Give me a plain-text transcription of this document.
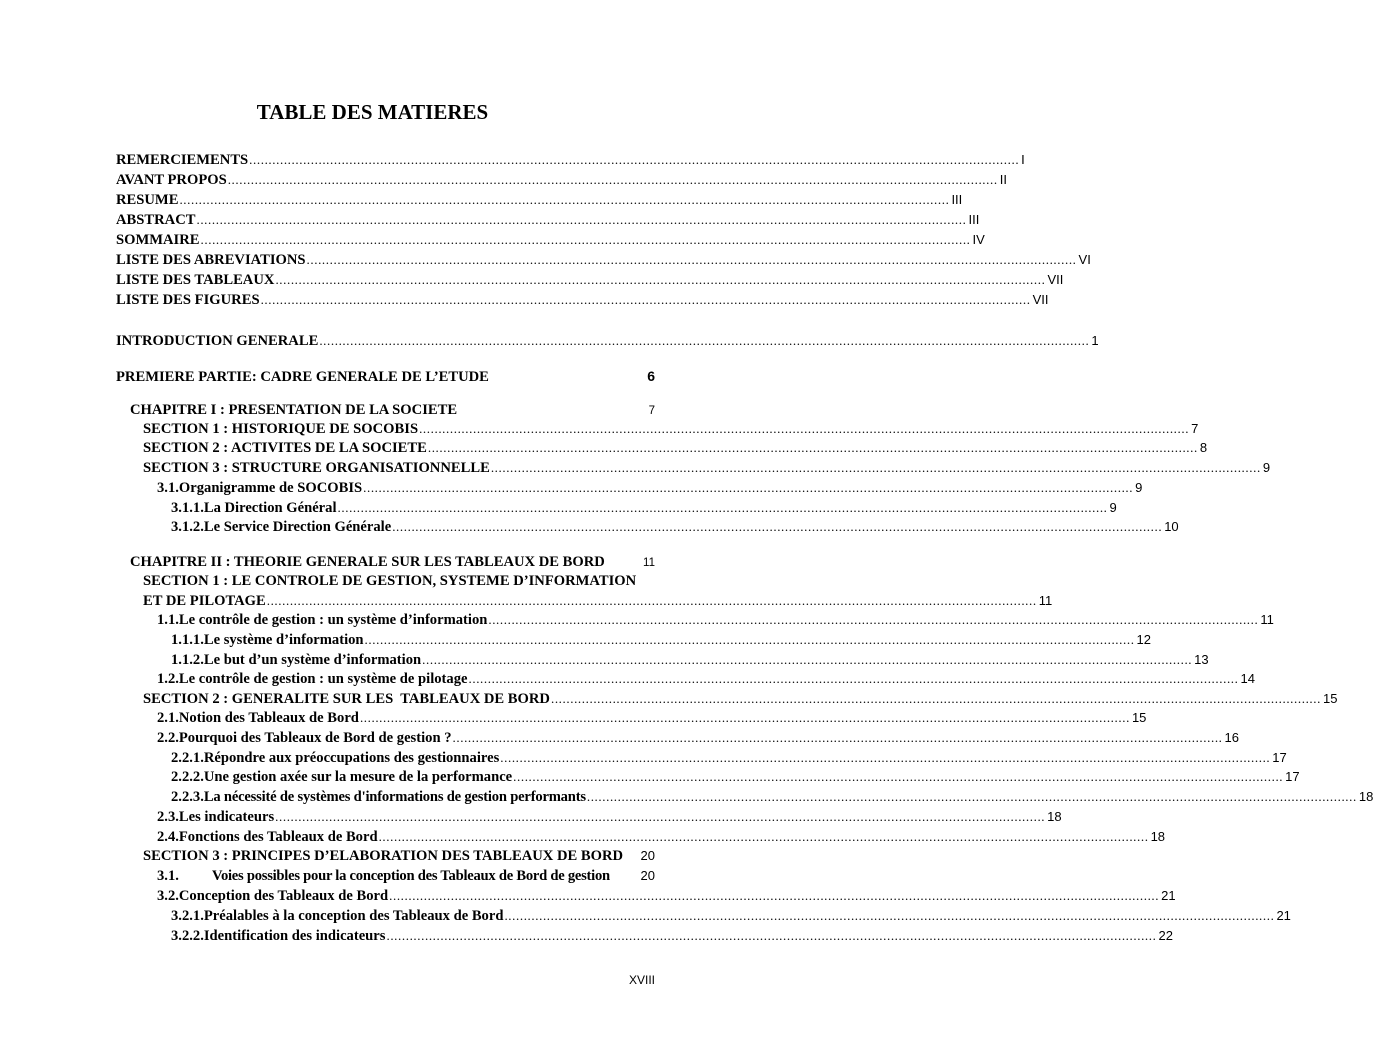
TABLE DES MATIERES
REMERCIEMENTS ........................................................................................................................................................................................................ I
AVANT PROPOS ........................................................................................................................................................................................................ II
RESUME ........................................................................................................................................................................................................ III
ABSTRACT ........................................................................................................................................................................................................ III
SOMMAIRE ........................................................................................................................................................................................................ IV
LISTE DES ABREVIATIONS ........................................................................................................................................................................................................ VI
LISTE DES TABLEAUX ........................................................................................................................................................................................................ VII
LISTE DES FIGURES ........................................................................................................................................................................................................ VII
INTRODUCTION GENERALE ........................................................................................................................................................................................................ 1
PREMIERE PARTIE: CADRE GENERALE DE L’ETUDE	6
CHAPITRE I : PRESENTATION DE LA SOCIETE	7
SECTION 1 : HISTORIQUE DE SOCOBIS ........................................................................................................................................................................................................ 7
SECTION 2 : ACTIVITES DE LA SOCIETE ........................................................................................................................................................................................................ 8
SECTION 3 : STRUCTURE ORGANISATIONNELLE ........................................................................................................................................................................................................ 9
3.1. Organigramme de SOCOBIS ........................................................................................................................................................................................................ 9
3.1.1. La Direction Général ........................................................................................................................................................................................................ 9
3.1.2. Le Service Direction Générale ........................................................................................................................................................................................................ 10
CHAPITRE II : THEORIE GENERALE SUR LES TABLEAUX DE BORD	11
SECTION 1 : LE CONTROLE DE GESTION, SYSTEME D’INFORMATION
ET DE PILOTAGE ........................................................................................................................................................................................................ 11
1.1. Le contrôle de gestion : un système d’information ........................................................................................................................................................................................................ 11
1.1.1. Le système d’information ........................................................................................................................................................................................................ 12
1.1.2. Le but d’un système d’information ........................................................................................................................................................................................................ 13
1.2. Le contrôle de gestion : un système de pilotage ........................................................................................................................................................................................................ 14
SECTION 2 : GENERALITE SUR LES  TABLEAUX DE BORD ........................................................................................................................................................................................................ 15
2.1. Notion des Tableaux de Bord ........................................................................................................................................................................................................ 15
2.2. Pourquoi des Tableaux de Bord de gestion ? ........................................................................................................................................................................................................ 16
2.2.1. Répondre aux préoccupations des gestionnaires ........................................................................................................................................................................................................ 17
2.2.2. Une gestion axée sur la mesure de la performance ........................................................................................................................................................................................................ 17
2.2.3. La nécessité de systèmes d'informations de gestion performants ........................................................................................................................................................................................................ 18
2.3. Les indicateurs ........................................................................................................................................................................................................ 18
2.4. Fonctions des Tableaux de Bord ........................................................................................................................................................................................................ 18
SECTION 3 : PRINCIPES D’ELABORATION DES TABLEAUX DE BORD 20
3.1.	Voies possibles pour la conception des Tableaux de Bord de gestion 20
3.2. Conception des Tableaux de Bord ........................................................................................................................................................................................................ 21
3.2.1. Préalables à la conception des Tableaux de Bord ........................................................................................................................................................................................................ 21
3.2.2. Identification des indicateurs ........................................................................................................................................................................................................ 22
XVIII
